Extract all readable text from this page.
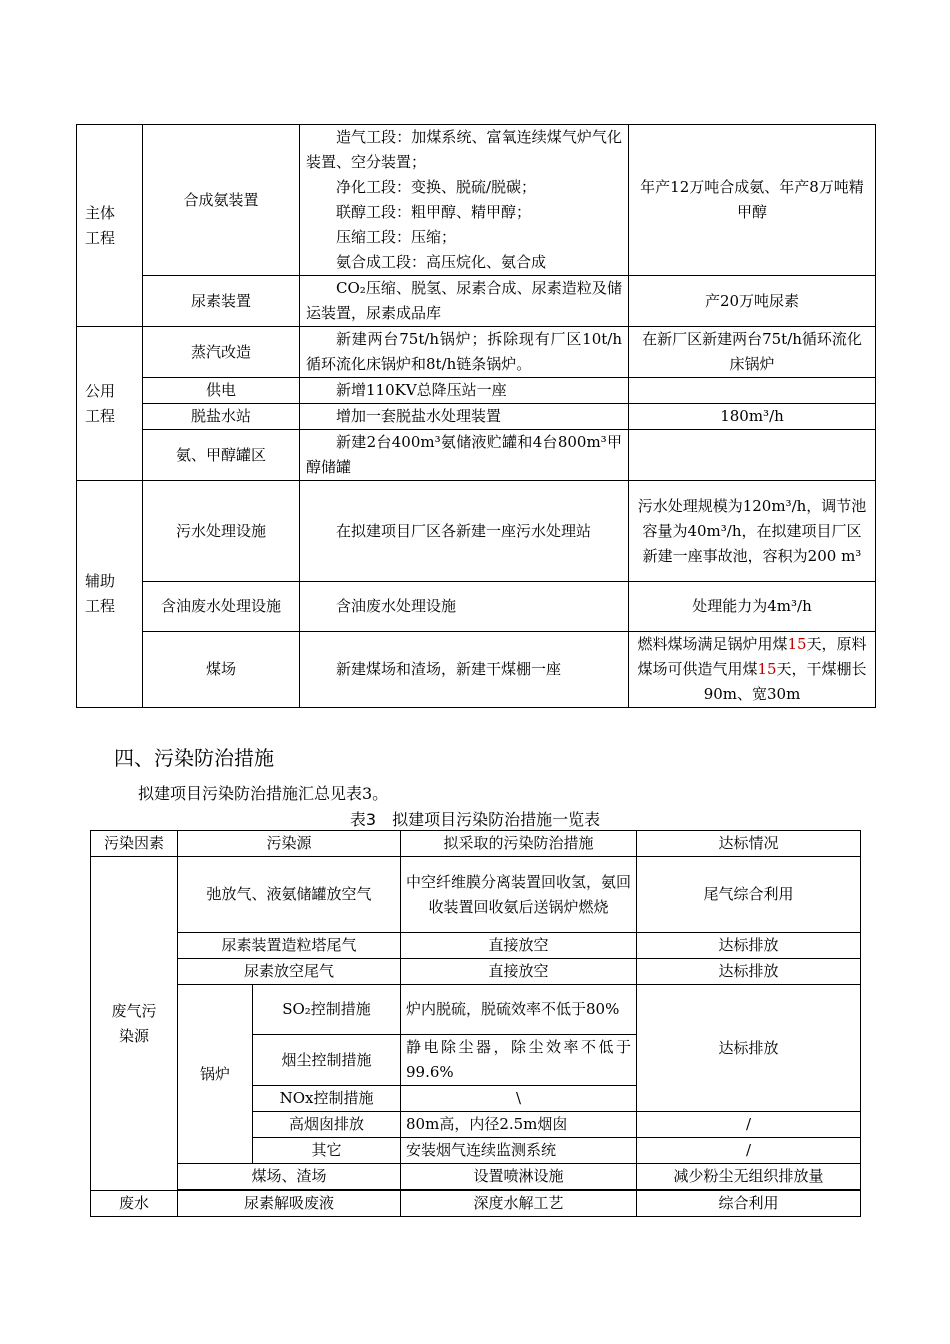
主体
工程	合成氨装置	造气工段：加煤系统、富氧连续煤气炉气化装置、空分装置；
净化工段：变换、脱硫/脱碳；
联醇工段：粗甲醇、精甲醇；
压缩工段：压缩；
氨合成工段：高压烷化、氨合成	年产12万吨合成氨、年产8万吨精甲醇
	尿素装置	CO₂压缩、脱氢、尿素合成、尿素造粒及储运装置，尿素成品库	产20万吨尿素
公用
工程	蒸汽改造	新建两台75t/h锅炉；拆除现有厂区10t/h循环流化床锅炉和8t/h链条锅炉。	在新厂区新建两台75t/h循环流化床锅炉
	供电	新增110KV总降压站一座	
	脱盐水站	增加一套脱盐水处理装置	180m³/h
	氨、甲醇罐区	新建2台400m³氨储液贮罐和4台800m³甲醇储罐	
辅助
工程	污水处理设施	在拟建项目厂区各新建一座污水处理站	污水处理规模为120m³/h，调节池容量为40m³/h，在拟建项目厂区新建一座事故池，容积为200 m³
	含油废水处理设施	含油废水处理设施	处理能力为4m³/h
	煤场	新建煤场和渣场，新建干煤棚一座	燃料煤场满足锅炉用煤15天，原料煤场可供造气用煤15天，干煤棚长90m、宽30m
四、污染防治措施

拟建项目污染防治措施汇总见表3。

表3　拟建项目污染防治措施一览表

污染因素	污染源		拟采取的污染防治措施	达标情况
废气污
染源	弛放气、液氨储罐放空气		中空纤维膜分离装置回收氢，氨回收装置回收氨后送锅炉燃烧	尾气综合利用
	尿素装置造粒塔尾气		直接放空	达标排放
	尿素放空尾气		直接放空	达标排放
	锅炉	SO₂控制措施	炉内脱硫，脱硫效率不低于80%	达标排放
		烟尘控制措施	静电除尘器，除尘效率不低于99.6%	
		NOx控制措施	\	
		高烟囱排放	80m高，内径2.5m烟囱	/
		其它	安装烟气连续监测系统	/
	煤场、渣场		设置喷淋设施	减少粉尘无组织排放量

废水	尿素解吸废液		深度水解工艺	综合利用
